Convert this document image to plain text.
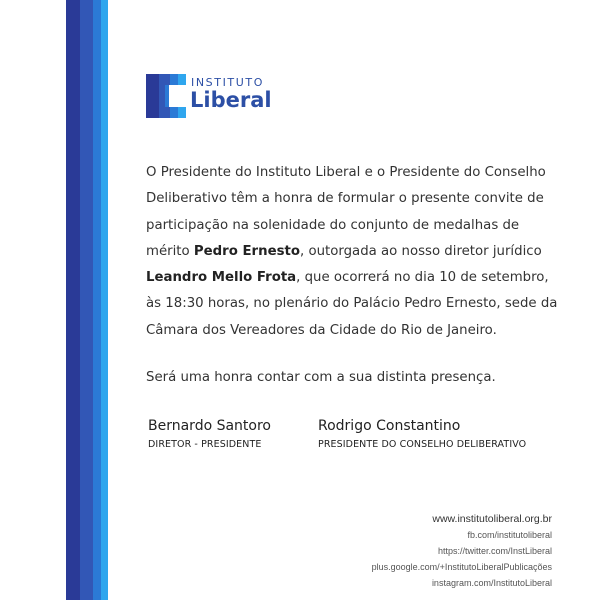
INSTITUTO
Liberal

O Presidente do Instituto Liberal e o Presidente do Conselho Deliberativo têm a honra de formular o presente convite de participação na solenidade do conjunto de medalhas de mérito Pedro Ernesto, outorgada ao nosso diretor jurídico Leandro Mello Frota, que ocorrerá no dia 10 de setembro, às 18:30 horas, no plenário do Palácio Pedro Ernesto, sede da Câmara dos Vereadores da Cidade do Rio de Janeiro.

Será uma honra contar com a sua distinta presença.
Bernardo Santoro
DIRETOR - PRESIDENTE
Rodrigo Constantino
PRESIDENTE DO CONSELHO DELIBERATIVO
www.institutoliberal.org.br
fb.com/institutoliberal
https://twitter.com/InstLiberal
plus.google.com/+InstitutoLiberalPublicações
instagram.com/InstitutoLiberal
